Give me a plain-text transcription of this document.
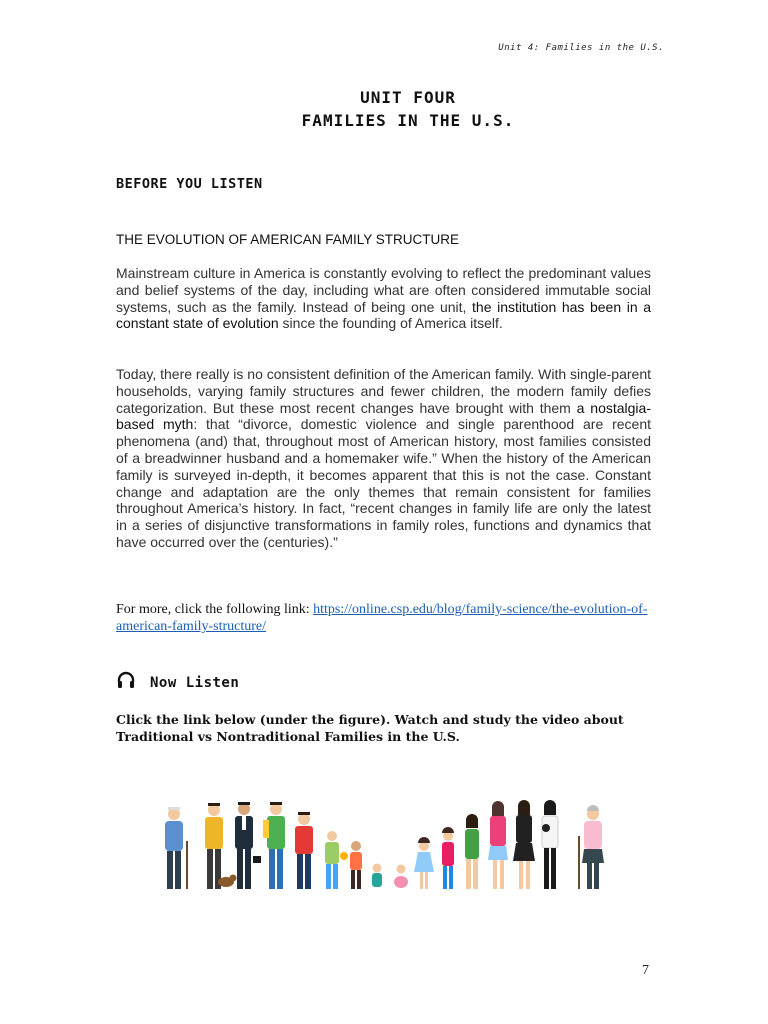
Unit 4: Families in the U.S.
UNIT FOUR
FAMILIES IN THE U.S.
BEFORE YOU LISTEN
THE EVOLUTION OF AMERICAN FAMILY STRUCTURE
Mainstream culture in America is constantly evolving to reflect the predominant values and belief systems of the day, including what are often considered immutable social systems, such as the family. Instead of being one unit, the institution has been in a constant state of evolution since the founding of America itself.
Today, there really is no consistent definition of the American family. With single-parent households, varying family structures and fewer children, the modern family defies categorization. But these most recent changes have brought with them a nostalgia-based myth: that “divorce, domestic violence and single parenthood are recent phenomena (and) that, throughout most of American history, most families consisted of a breadwinner husband and a homemaker wife.” When the history of the American family is surveyed in-depth, it becomes apparent that this is not the case. Constant change and adaptation are the only themes that remain consistent for families throughout America’s history. In fact, “recent changes in family life are only the latest in a series of disjunctive transformations in family roles, functions and dynamics that have occurred over the (centuries).”
For more, click the following link: https://online.csp.edu/blog/family-science/the-evolution-of-american-family-structure/
Now Listen
Click the link below (under the figure). Watch and study the video about Traditional vs Nontraditional Families in the U.S.
7
